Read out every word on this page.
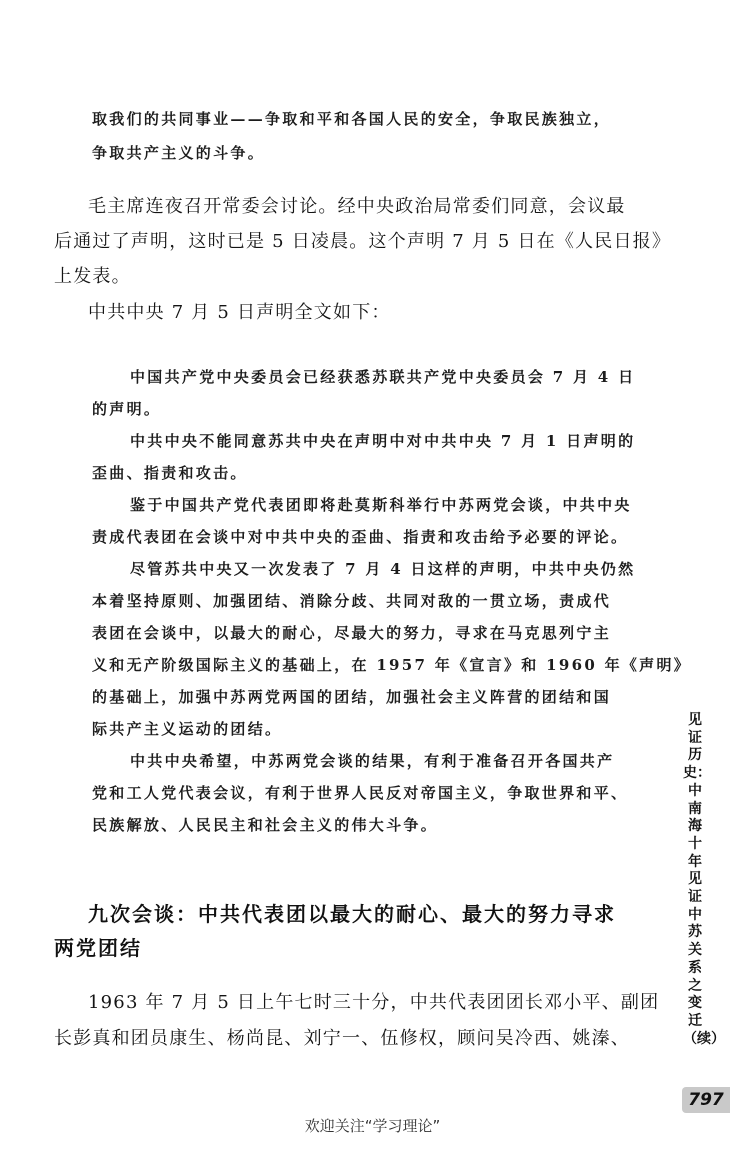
取我们的共同事业——争取和平和各国人民的安全，争取民族独立，
争取共产主义的斗争。
毛主席连夜召开常委会讨论。经中央政治局常委们同意，会议最
后通过了声明，这时已是 5 日凌晨。这个声明 7 月 5 日在《人民日报》
上发表。
中共中央 7 月 5 日声明全文如下：
中国共产党中央委员会已经获悉苏联共产党中央委员会 7 月 4 日
的声明。
中共中央不能同意苏共中央在声明中对中共中央 7 月 1 日声明的
歪曲、指责和攻击。
鉴于中国共产党代表团即将赴莫斯科举行中苏两党会谈，中共中央
责成代表团在会谈中对中共中央的歪曲、指责和攻击给予必要的评论。
尽管苏共中央又一次发表了 7 月 4 日这样的声明，中共中央仍然
本着坚持原则、加强团结、消除分歧、共同对敌的一贯立场，责成代
表团在会谈中，以最大的耐心，尽最大的努力，寻求在马克思列宁主
义和无产阶级国际主义的基础上，在 1957 年《宣言》和 1960 年《声明》
的基础上，加强中苏两党两国的团结，加强社会主义阵营的团结和国
际共产主义运动的团结。
中共中央希望，中苏两党会谈的结果，有利于准备召开各国共产
党和工人党代表会议，有利于世界人民反对帝国主义，争取世界和平、
民族解放、人民民主和社会主义的伟大斗争。
九次会谈：中共代表团以最大的耐心、最大的努力寻求
两党团结
1963 年 7 月 5 日上午七时三十分，中共代表团团长邓小平、副团
长彭真和团员康生、杨尚昆、刘宁一、伍修权，顾问吴冷西、姚溱、
见证历史：中南海十年见证中苏关系之变迁（续）
797
欢迎关注“学习理论”
